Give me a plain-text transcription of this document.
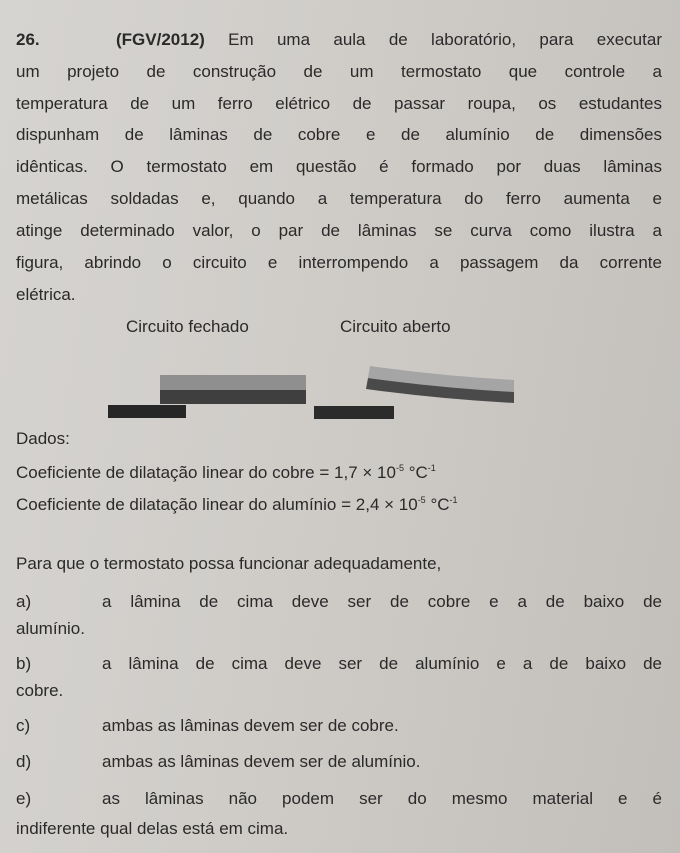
26.	(FGV/2012) Em uma aula de laboratório, para executar
um projeto de construção de um termostato que controle a
temperatura de um ferro elétrico de passar roupa, os estudantes
dispunham de lâminas de cobre e de alumínio de dimensões
idênticas. O termostato em questão é formado por duas lâminas
metálicas soldadas e, quando a temperatura do ferro aumenta e
atinge determinado valor, o par de lâminas se curva como ilustra a
figura, abrindo o circuito e interrompendo a passagem da corrente
elétrica.
Circuito fechado	Circuito aberto
Dados:
Coeficiente de dilatação linear do cobre = $1,7 \times 10^{-5}$ $^\circ C^{-1}$
Coeficiente de dilatação linear do alumínio = $2,4 \times 10^{-5}$ $^\circ C^{-1}$
Para que o termostato possa funcionar adequadamente,
a)	a lâmina de cima deve ser de cobre e a de baixo de
alumínio.
b)	a lâmina de cima deve ser de alumínio e a de baixo de
cobre.
c)	ambas as lâminas devem ser de cobre.
d)	ambas as lâminas devem ser de alumínio.
e)	as lâminas não podem ser do mesmo material e é
indiferente qual delas está em cima.
